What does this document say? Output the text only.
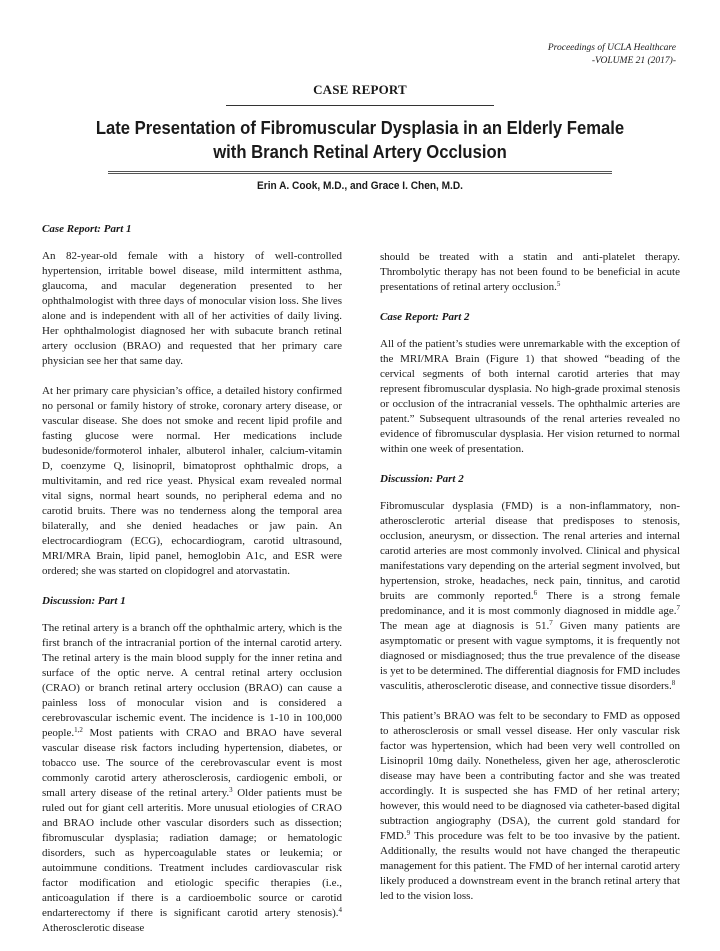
Proceedings of UCLA Healthcare
-VOLUME 21 (2017)-
CASE REPORT
Late Presentation of Fibromuscular Dysplasia in an Elderly Female
with Branch Retinal Artery Occlusion
Erin A. Cook, M.D., and Grace I. Chen, M.D.
Case Report: Part 1

An 82-year-old female with a history of well-controlled hypertension, irritable bowel disease, mild intermittent asthma, glaucoma, and macular degeneration presented to her ophthalmologist with three days of monocular vision loss. She lives alone and is independent with all of her activities of daily living. Her ophthalmologist diagnosed her with subacute branch retinal artery occlusion (BRAO) and requested that her primary care physician see her that same day.

At her primary care physician’s office, a detailed history confirmed no personal or family history of stroke, coronary artery disease, or vascular disease. She does not smoke and recent lipid profile and fasting glucose were normal. Her medications include budesonide/formoterol inhaler, albuterol inhaler, calcium-vitamin D, coenzyme Q, lisinopril, bimatoprost ophthalmic drops, a multivitamin, and red rice yeast. Physical exam revealed normal vital signs, normal heart sounds, no peripheral edema and no carotid bruits. There was no tenderness along the temporal area bilaterally, and she denied headaches or jaw pain. An electrocardiogram (ECG), echocardiogram, carotid ultrasound, MRI/MRA Brain, lipid panel, hemoglobin A1c, and ESR were ordered; she was started on clopidogrel and atorvastatin.

Discussion: Part 1

The retinal artery is a branch off the ophthalmic artery, which is the first branch of the intracranial portion of the internal carotid artery. The retinal artery is the main blood supply for the inner retina and surface of the optic nerve. A central retinal artery occlusion (CRAO) or branch retinal artery occlusion (BRAO) can cause a painless loss of monocular vision and is considered a cerebrovascular ischemic event. The incidence is 1-10 in 100,000 people.$^{1,2}$ Most patients with CRAO and BRAO have several vascular disease risk factors including hypertension, diabetes, or tobacco use. The source of the cerebrovascular event is most commonly carotid artery atherosclerosis, cardiogenic emboli, or small artery disease of the retinal artery.$^3$ Older patients must be ruled out for giant cell arteritis. More unusual etiologies of CRAO and BRAO include other vascular disorders such as dissection; fibromuscular dysplasia; radiation damage; or hematologic disorders, such as hypercoagulable states or leukemia; or autoimmune conditions. Treatment includes cardiovascular risk factor modification and etiologic specific therapies (i.e., anticoagulation if there is a cardioembolic source or carotid endarterectomy if there is significant carotid artery stenosis).$^4$ Atherosclerotic disease

should be treated with a statin and anti-platelet therapy. Thrombolytic therapy has not been found to be beneficial in acute presentations of retinal artery occlusion.$^5$

Case Report: Part 2

All of the patient’s studies were unremarkable with the exception of the MRI/MRA Brain (Figure 1) that showed “beading of the cervical segments of both internal carotid arteries that may represent fibromuscular dysplasia. No high-grade proximal stenosis or occlusion of the intracranial vessels. The ophthalmic arteries are patent.” Subsequent ultrasounds of the renal arteries revealed no evidence of fibromuscular dysplasia. Her vision returned to normal within one week of presentation.

Discussion: Part 2

Fibromuscular dysplasia (FMD) is a non-inflammatory, non-atherosclerotic arterial disease that predisposes to stenosis, occlusion, aneurysm, or dissection. The renal arteries and internal carotid arteries are most commonly involved. Clinical and physical manifestations vary depending on the arterial segment involved, but hypertension, stroke, headaches, neck pain, tinnitus, and carotid bruits are commonly reported.$^6$ There is a strong female predominance, and it is most commonly diagnosed in middle age.$^7$ The mean age at diagnosis is 51.$^7$ Given many patients are asymptomatic or present with vague symptoms, it is frequently not diagnosed or misdiagnosed; thus the true prevalence of the disease is yet to be determined. The differential diagnosis for FMD includes vasculitis, atherosclerotic disease, and connective tissue disorders.$^8$

This patient’s BRAO was felt to be secondary to FMD as opposed to atherosclerosis or small vessel disease. Her only vascular risk factor was hypertension, which had been very well controlled on Lisinopril 10mg daily. Nonetheless, given her age, atherosclerotic disease may have been a contributing factor and she was treated accordingly. It is suspected she has FMD of her retinal artery; however, this would need to be diagnosed via catheter-based digital subtraction angiography (DSA), the current gold standard for FMD.$^9$ This procedure was felt to be too invasive by the patient. Additionally, the results would not have changed the therapeutic management for this patient. The FMD of her internal carotid artery likely produced a downstream event in the branch retinal artery that led to the vision loss.
